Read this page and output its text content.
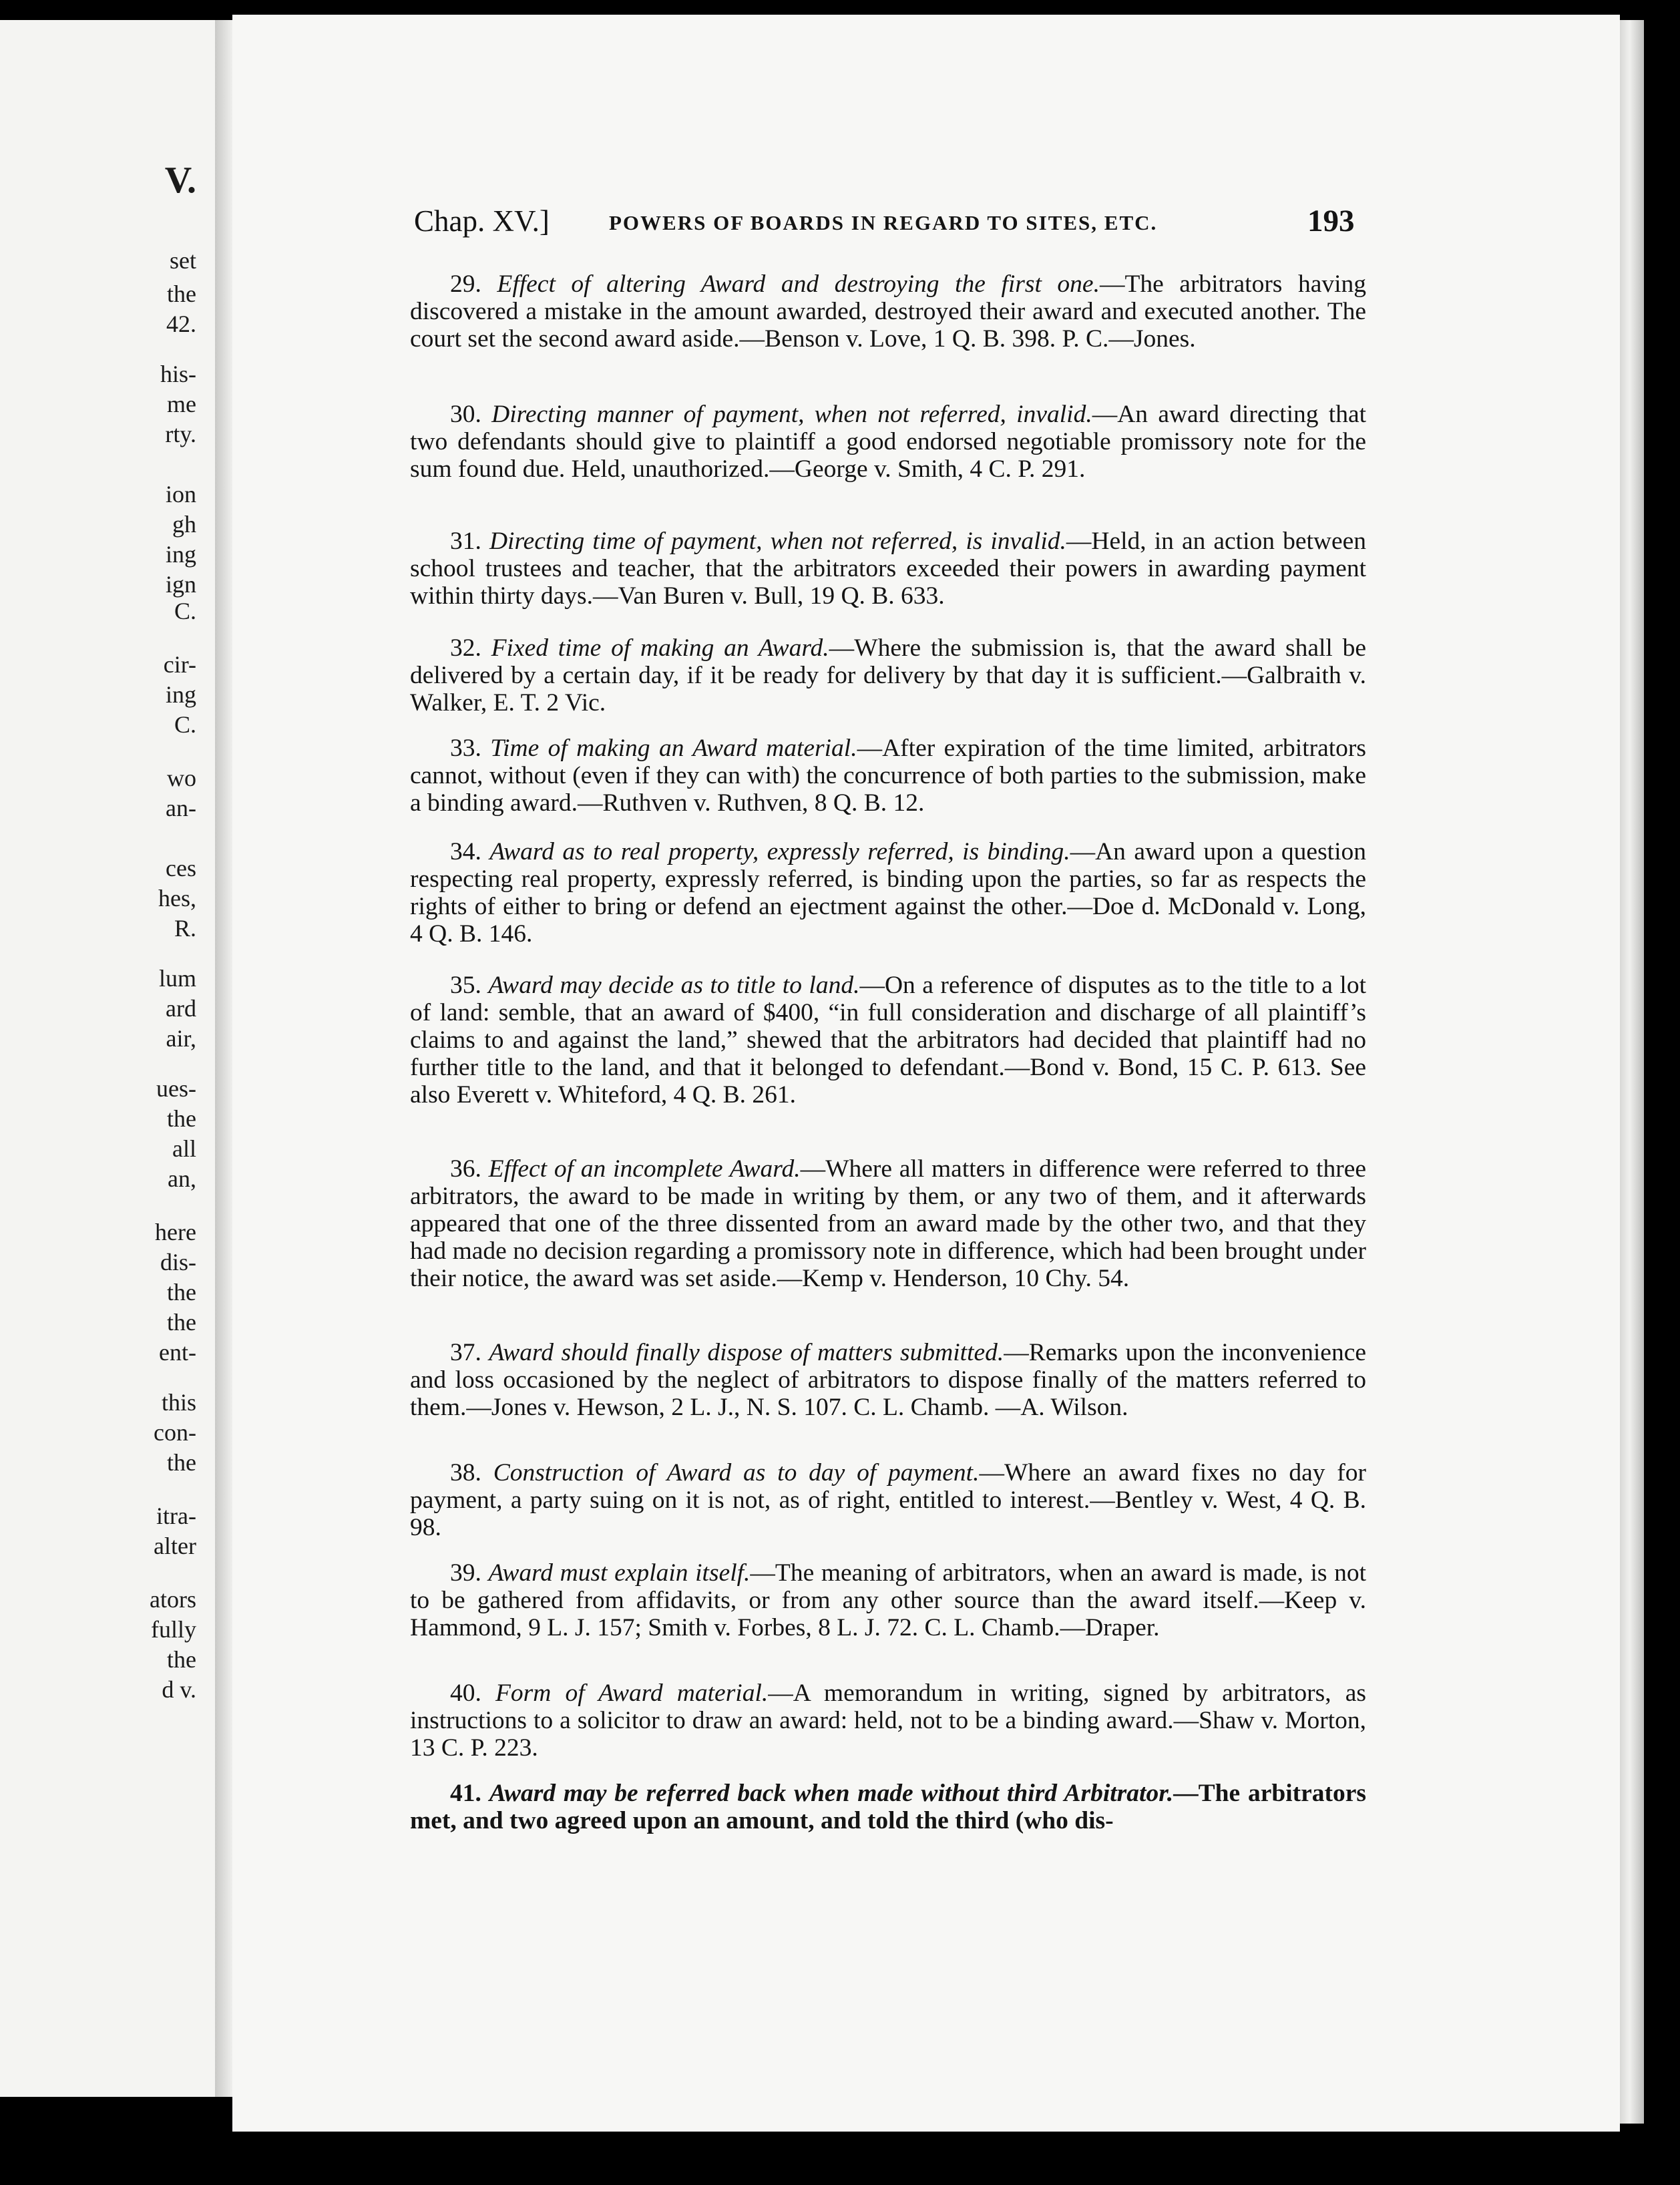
V.
set
the
42.
his-
me
rty.
ion
gh
ing
ign
C.
cir-
ing
C.
wo
an-
ces
hes,
R.
lum
ard
air,
ues-
the
all
an,
here
dis-
the
the
ent-
this
con-
the
itra-
alter
ators
fully
the
d v.
Chap. XV.]	POWERS OF BOARDS IN REGARD TO SITES, ETC.	193
29. Effect of altering Award and destroying the first one.—The arbitrators having discovered a mistake in the amount awarded, destroyed their award and executed another. The court set the second award aside.—Benson v. Love, 1 Q. B. 398. P. C.—Jones.
30. Directing manner of payment, when not referred, invalid.—An award directing that two defendants should give to plaintiff a good endorsed negotiable promissory note for the sum found due. Held, unauthorized.—George v. Smith, 4 C. P. 291.
31. Directing time of payment, when not referred, is invalid.—Held, in an action between school trustees and teacher, that the arbitrators exceeded their powers in awarding payment within thirty days.—Van Buren v. Bull, 19 Q. B. 633.
32. Fixed time of making an Award.—Where the submission is, that the award shall be delivered by a certain day, if it be ready for delivery by that day it is sufficient.—Galbraith v. Walker, E. T. 2 Vic.
33. Time of making an Award material.—After expiration of the time limited, arbitrators cannot, without (even if they can with) the concurrence of both parties to the submission, make a binding award.—Ruthven v. Ruthven, 8 Q. B. 12.
34. Award as to real property, expressly referred, is binding.—An award upon a question respecting real property, expressly referred, is binding upon the parties, so far as respects the rights of either to bring or defend an ejectment against the other.—Doe d. McDonald v. Long, 4 Q. B. 146.
35. Award may decide as to title to land.—On a reference of disputes as to the title to a lot of land: semble, that an award of $400, “in full consideration and discharge of all plaintiff’s claims to and against the land,” shewed that the arbitrators had decided that plaintiff had no further title to the land, and that it belonged to defendant.—Bond v. Bond, 15 C. P. 613. See also Everett v. Whiteford, 4 Q. B. 261.
36. Effect of an incomplete Award.—Where all matters in difference were referred to three arbitrators, the award to be made in writing by them, or any two of them, and it afterwards appeared that one of the three dissented from an award made by the other two, and that they had made no decision regarding a promissory note in difference, which had been brought under their notice, the award was set aside.—Kemp v. Henderson, 10 Chy. 54.
37. Award should finally dispose of matters submitted.—Remarks upon the inconvenience and loss occasioned by the neglect of arbitrators to dispose finally of the matters referred to them.—Jones v. Hewson, 2 L. J., N. S. 107. C. L. Chamb. —A. Wilson.
38. Construction of Award as to day of payment.—Where an award fixes no day for payment, a party suing on it is not, as of right, entitled to interest.—Bentley v. West, 4 Q. B. 98.
39. Award must explain itself.—The meaning of arbitrators, when an award is made, is not to be gathered from affidavits, or from any other source than the award itself.—Keep v. Hammond, 9 L. J. 157; Smith v. Forbes, 8 L. J. 72. C. L. Chamb.—Draper.
40. Form of Award material.—A memorandum in writing, signed by arbitrators, as instructions to a solicitor to draw an award: held, not to be a binding award.—Shaw v. Morton, 13 C. P. 223.
41. Award may be referred back when made without third Arbitrator.—The arbitrators met, and two agreed upon an amount, and told the third (who dis-
